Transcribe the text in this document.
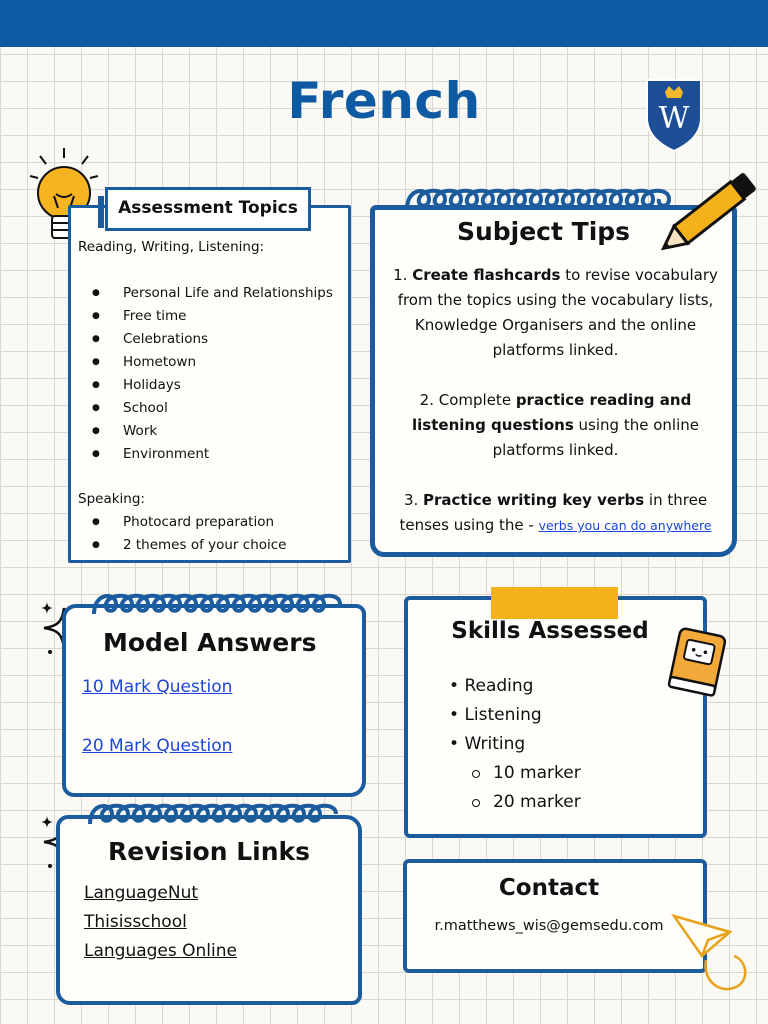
French	W
Assessment Topics
Reading, Writing, Listening:
● Personal Life and Relationships
● Free time
● Celebrations
● Hometown
● Holidays
● School
● Work
● Environment
Speaking:
● Photocard preparation
● 2 themes of your choice
Subject Tips

1. Create flashcards to revise vocabulary from the topics using the vocabulary lists, Knowledge Organisers and the online platforms linked.

2. Complete practice reading and listening questions using the online platforms linked.

3. Practice writing key verbs in three tenses using the - verbs you can do anywhere

Model Answers
10 Mark Question
20 Mark Question
Revision Links
LanguageNut
Thisisschool
Languages Online
Skills Assessed
• Reading
• Listening
• Writing
10 marker
20 marker
Contact
r.matthews_wis@gemsedu.com
